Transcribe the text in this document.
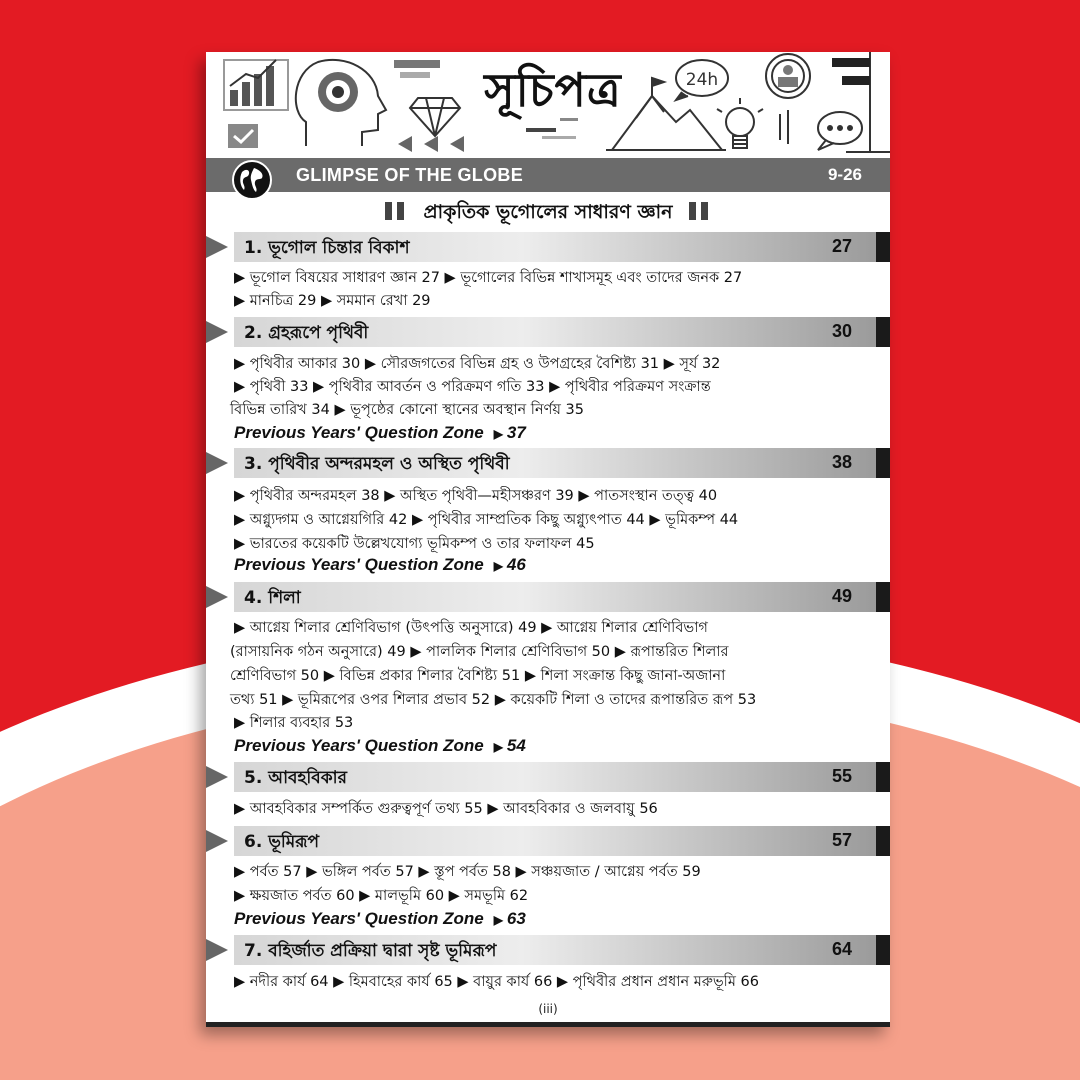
24h
সূচিপত্র
GLIMPSE OF THE GLOBE	9-26
প্রাকৃতিক ভূগোলের সাধারণ জ্ঞান
1. ভূগোল চিন্তার বিকাশ	27
▶ ভূগোল বিষয়ের সাধারণ জ্ঞান 27 ▶ ভূগোলের বিভিন্ন শাখাসমূহ এবং তাদের জনক 27
▶ মানচিত্র 29 ▶ সমমান রেখা 29
2. গ্রহরূপে পৃথিবী	30
▶ পৃথিবীর আকার 30 ▶ সৌরজগতের বিভিন্ন গ্রহ ও উপগ্রহের বৈশিষ্ট্য 31 ▶ সূর্য 32
▶ পৃথিবী 33 ▶ পৃথিবীর আবর্তন ও পরিক্রমণ গতি 33 ▶ পৃথিবীর পরিক্রমণ সংক্রান্ত
বিভিন্ন তারিখ 34 ▶ ভূপৃষ্ঠের কোনো স্থানের অবস্থান নির্ণয় 35
Previous Years' Question Zone ▶ 37
3. পৃথিবীর অন্দরমহল ও অস্থিত পৃথিবী	38
▶ পৃথিবীর অন্দরমহল 38 ▶ অস্থিত পৃথিবী—মহীসঞ্চরণ 39 ▶ পাতসংস্থান তত্ত্ব 40
▶ অগ্ন্যুদ্গম ও আগ্নেয়গিরি 42 ▶ পৃথিবীর সাম্প্রতিক কিছু অগ্ন্যুৎপাত 44 ▶ ভূমিকম্প 44
▶ ভারতের কয়েকটি উল্লেখযোগ্য ভূমিকম্প ও তার ফলাফল 45
Previous Years' Question Zone ▶ 46
4. শিলা	49
▶ আগ্নেয় শিলার শ্রেণিবিভাগ (উৎপত্তি অনুসারে) 49 ▶ আগ্নেয় শিলার শ্রেণিবিভাগ
(রাসায়নিক গঠন অনুসারে) 49 ▶ পাললিক শিলার শ্রেণিবিভাগ 50 ▶ রূপান্তরিত শিলার
শ্রেণিবিভাগ 50 ▶ বিভিন্ন প্রকার শিলার বৈশিষ্ট্য 51 ▶ শিলা সংক্রান্ত কিছু জানা-অজানা
তথ্য 51 ▶ ভূমিরূপের ওপর শিলার প্রভাব 52 ▶ কয়েকটি শিলা ও তাদের রূপান্তরিত রূপ 53
▶ শিলার ব্যবহার 53
Previous Years' Question Zone ▶ 54
5. আবহবিকার	55
▶ আবহবিকার সম্পর্কিত গুরুত্বপূর্ণ তথ্য 55 ▶ আবহবিকার ও জলবায়ু 56
6. ভূমিরূপ	57
▶ পর্বত 57 ▶ ভঙ্গিল পর্বত 57 ▶ স্তূপ পর্বত 58 ▶ সঞ্চয়জাত / আগ্নেয় পর্বত 59
▶ ক্ষয়জাত পর্বত 60 ▶ মালভূমি 60 ▶ সমভূমি 62
Previous Years' Question Zone ▶ 63
7. বহির্জাত প্রক্রিয়া দ্বারা সৃষ্ট ভূমিরূপ	64
▶ নদীর কার্য 64 ▶ হিমবাহের কার্য 65 ▶ বায়ুর কার্য 66 ▶ পৃথিবীর প্রধান প্রধান মরুভূমি 66
(iii)
